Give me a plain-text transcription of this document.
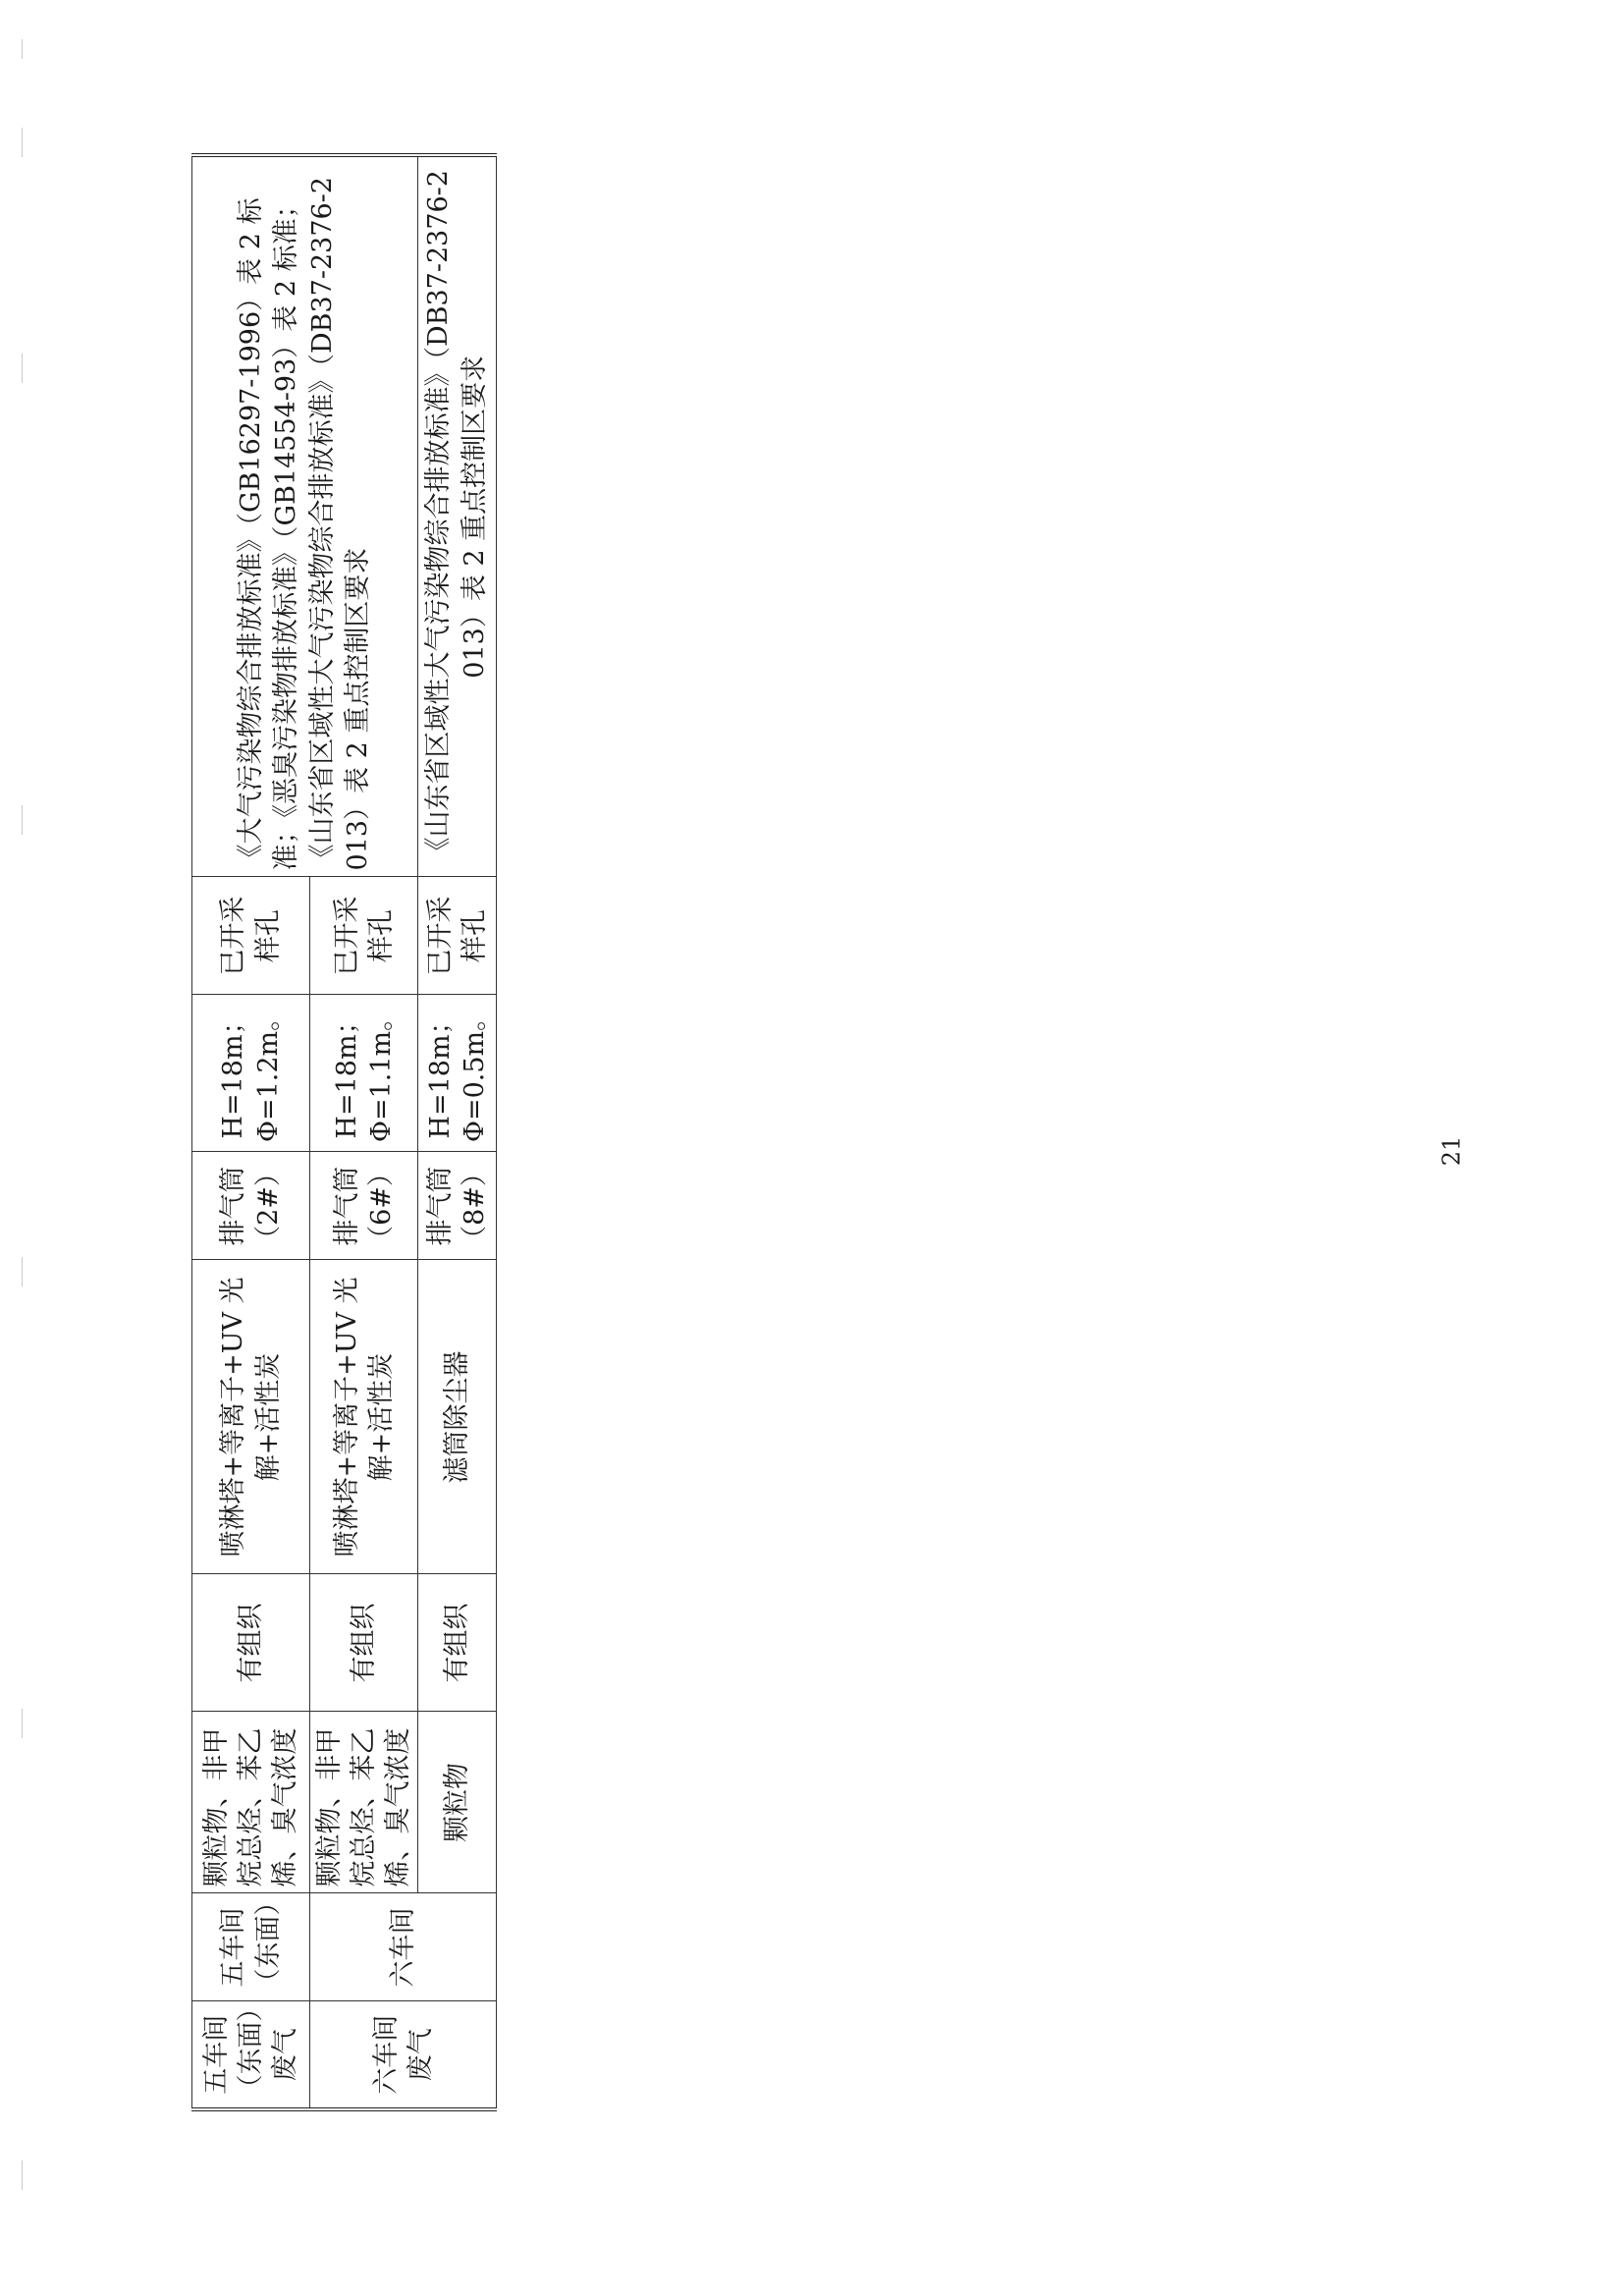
五车间（东面）废气	五车间（东面）	颗粒物、非甲烷总烃、苯乙烯、臭气浓度	有组织	喷淋塔+等离子+UV 光解+活性炭	排气筒（2#）	H=18m；Φ=1.2m。	已开采样孔	《大气污染物综合排放标准》（GB16297-1996）表 2 标准；《恶臭污染物排放标准》（GB14554-93）表 2 标准；《山东省区域性大气污染物综合排放标准》（DB37-2376-2013）表 2 重点控制区要求
六车间废气	六车间	颗粒物、非甲烷总烃、苯乙烯、臭气浓度	有组织	喷淋塔+等离子+UV 光解+活性炭	排气筒（6#）	H=18m；Φ=1.1m。	已开采样孔	
		颗粒物	有组织	滤筒除尘器	排气筒（8#）	H=18m；Φ=0.5m。	已开采样孔	《山东省区域性大气污染物综合排放标准》（DB37-2376-2013）表 2 重点控制区要求
21
